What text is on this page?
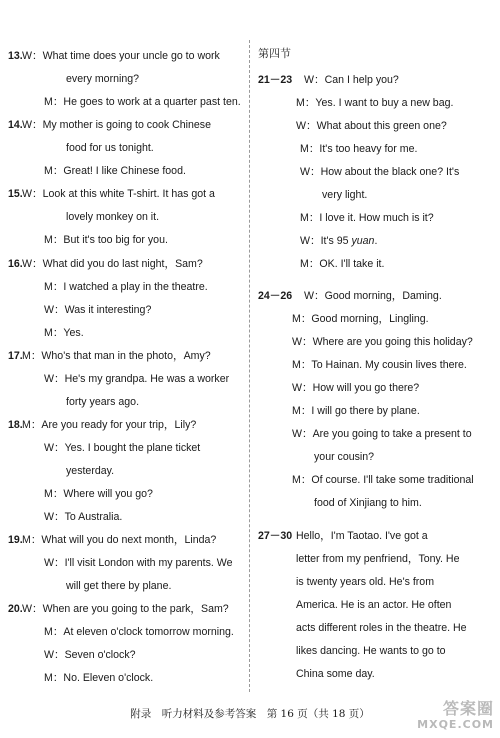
13. W：What time does your uncle go to work
every morning?
M：He goes to work at a quarter past ten.
14. W：My mother is going to cook Chinese
food for us tonight.
M：Great! I like Chinese food.
15. W：Look at this white T-shirt. It has got a
lovely monkey on it.
M：But it's too big for you.
16. W：What did you do last night，Sam?
M：I watched a play in the theatre.
W：Was it interesting?
M：Yes.
17. M：Who's that man in the photo，Amy?
W：He's my grandpa. He was a worker
forty years ago.
18. M：Are you ready for your trip，Lily?
W：Yes. I bought the plane ticket
yesterday.
M：Where will you go?
W：To Australia.
19. M：What will you do next month，Linda?
W：I'll visit London with my parents. We
will get there by plane.
20. W：When are you going to the park，Sam?
M：At eleven o'clock tomorrow morning.
W：Seven o'clock?
M：No. Eleven o'clock.
第四节
21－23 W：Can I help you?
M：Yes. I want to buy a new bag.
W：What about this green one?
M：It's too heavy for me.
W：How about the black one? It's
very light.
M：I love it. How much is it?
W：It's 95 yuan.
M：OK. I'll take it.
24－26 W：Good morning，Daming.
M：Good morning，Lingling.
W：Where are you going this holiday?
M：To Hainan. My cousin lives there.
W：How will you go there?
M：I will go there by plane.
W：Are you going to take a present to
your cousin?
M：Of course. I'll take some traditional
food of Xinjiang to him.
27－30 Hello，I'm Taotao. I've got a
letter from my penfriend，Tony. He
is twenty years old. He's from
America. He is an actor. He often
acts different roles in the theatre. He
likes dancing. He wants to go to
China some day.
附录　听力材料及参考答案　第 16 页（共 18 页）	答案圈
MXQE.COM
